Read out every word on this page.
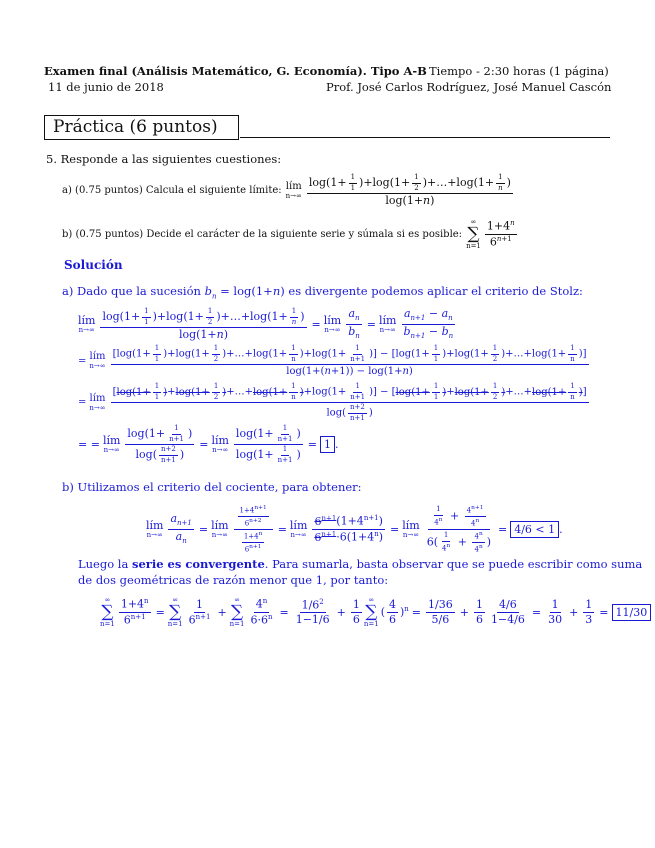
Examen final (Análisis Matemático, G. Economía). Tipo A-B Tiempo - 2:30 horas (1 página)
11 de junio de 2018	Prof. José Carlos Rodríguez, José Manuel Cascón
Práctica (6 puntos)
5. Responde a las siguientes cuestiones:
a) (0.75 puntos) Calcula el siguiente límite: lím
$n\to\infty \frac{\log(1+ \frac{1}{1} )+\log(1+ \frac{1}{2} )+\dots+\log(1+ \frac{1}{n} )}{\log(1+n)}$
b) (0.75 puntos) Decide el carácter de la siguiente serie y súmala si es posible:
∞
∑
$n=1 \frac{1+4^n}{6^{n+1}}$
Solución
a) Dado que la sucesión $b_n = \log(1+n)$ es divergente podemos aplicar el criterio de Stolz:
lím
$n\to\infty \frac{\log(1+ \frac{1}{1} )+\log(1+ \frac{1}{2} )+\dots+\log(1+ \frac{1}{n} )}{\log(1+n)}$ = lím
$n\to\infty \frac{a_n}{b_n}$ = lím
$n\to\infty \frac{a_{n+1} - a_n}{b_{n+1} - b_n}$
= lím
n→∞
[$\log(1+ \frac{1}{1} )+\log(1+ \frac{1}{2}$ )+…+log(1+ $\frac{1}{n} )+\log(1+ \frac{1}{n+1}$ )] − [$\log(1+ \frac{1}{1} )+\log(1+ \frac{1}{2}$ )+…+log(1+ $\frac{1}{n}$ )]
log(1+(n+1)) − log(1+n)
= lím
n→∞
[$\log(1+ \frac{1}{1} )+\log(1+ \frac{1}{2}$ )+…+log(1+ $\frac{1}{n} )+\log(1+ \frac{1}{n+1}$ )] − [$\log(1+ \frac{1}{1} )+\log(1+ \frac{1}{2}$ )+…+log(1+ $\frac{1}{n}$ )]
$\log( \frac{n+2}{n+1}$ )
= = lím
$n\to\infty \frac{\log(1+ \frac{1}{n+1} )}{\log( \frac{n+2}{n+1} )}$ = lím
$n\to\infty \frac{\log(1+ \frac{1}{n+1} )}{\log(1+ \frac{1}{n+1} )} = 1$ .
b) Utilizamos el criterio del cociente, para obtener:
lím
$n\to\infty \frac{a_{n+1}}{a_n}$ = lím
$n\to\infty \frac{\frac{1+4^{n+1}}{6^{n+2}}}{\frac{1+4^n}{6^{n+1}}}$ = lím
$n\to\infty \frac{6^{n+1}(1+4^{n+1})}{6^{n+1}\cdot 6(1+4^n)}$ = lím
$n\to\infty \frac{\frac{1}{4^n} + \frac{4^{n+1}}{4^n}}{6( \frac{1}{4^n} + \frac{4^n}{4^n} )} = 4/6 < 1$ .
Luego la serie es convergente. Para sumarla, basta observar que se puede escribir como suma
de dos geométricas de razón menor que 1, por tanto:
∞
∑
$n=1 \frac{1+4^n}{6^{n+1}}$ =
∞
∑
$n=1 \frac{1}{6^{n+1}}$ +
∞
∑
$n=1 \frac{4^n}{6\cdot 6^n} = \frac{1/6^2}{1-1/6} + \frac{1}{6}$ ∞
∑
n=1
( $\frac{4}{6} )^n = \frac{1/36}{5/6} + \frac{1}{6} \frac{4/6}{1-4/6} = \frac{1}{30} + \frac{1}{3} = 11/30$
